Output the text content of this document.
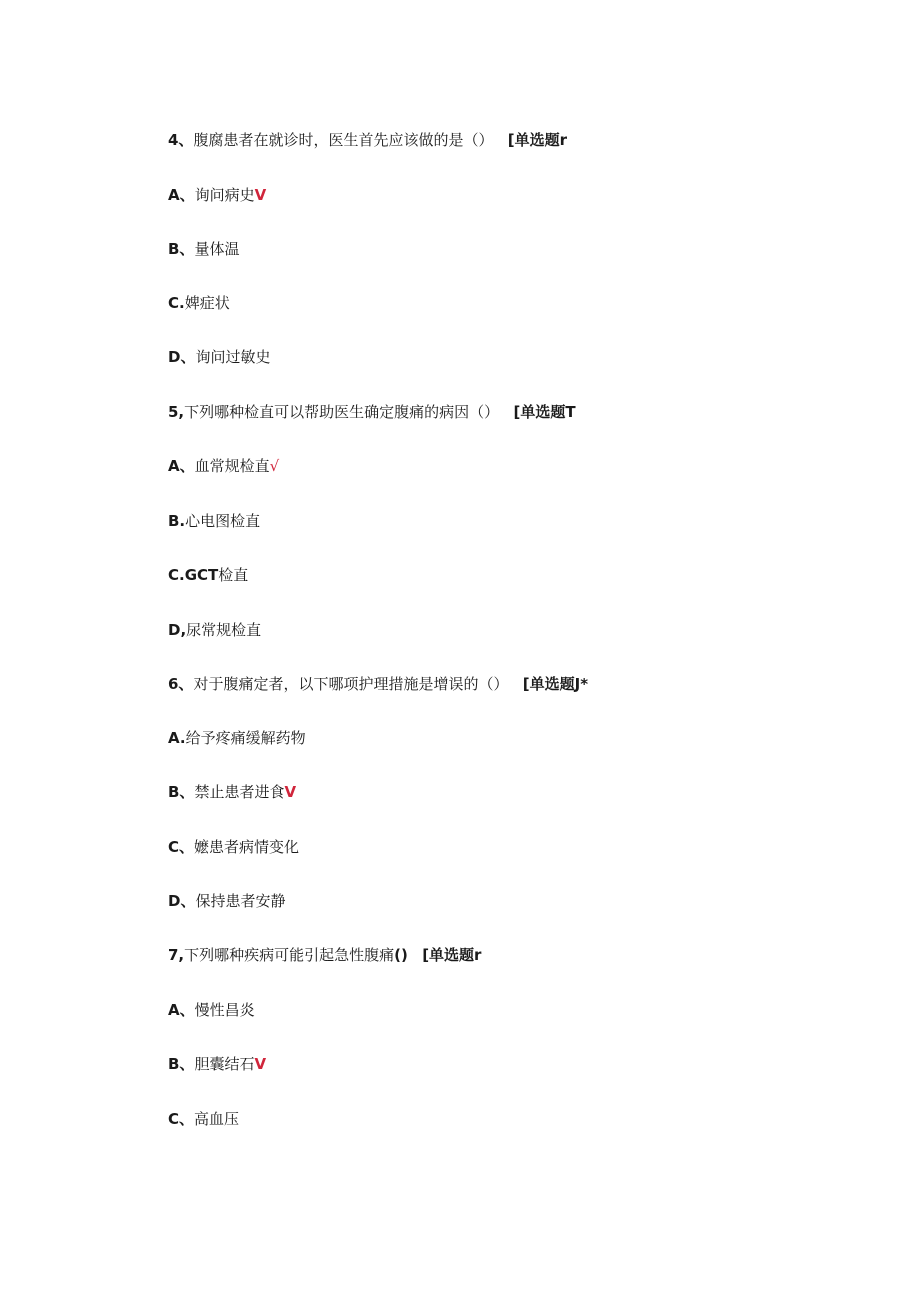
4、腹腐患者在就诊时，医生首先应该做的是（） [单选题r
A、询问病史V
B、量体温
C.婢症状
D、询问过敏史
5,下列哪种检直可以帮助医生确定腹痛的病因（） [单选题T
A、血常规检直√
B.心电图检直
C.GCT检直
D,尿常规检直
6、对于腹痛定者，以下哪项护理措施是增误的（） [单选题J*
A.给予疼痛缓解药物
B、禁止患者进食V
C、嬷患者病情变化
D、保持患者安静
7,下列哪种疾病可能引起急性腹痛() [单选题r
A、慢性昌炎
B、胆囊结石V
C、高血压
